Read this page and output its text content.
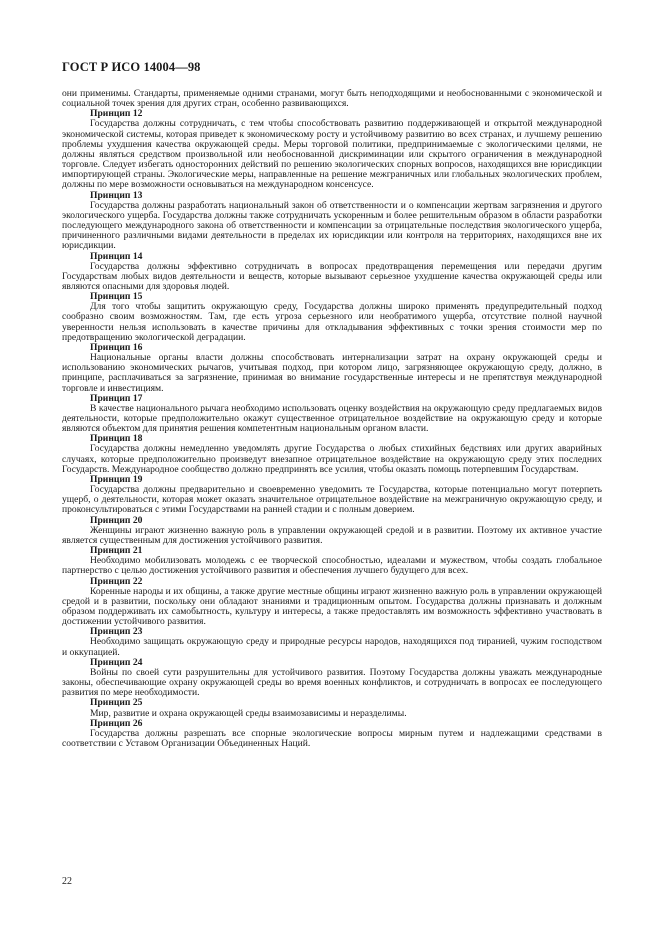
ГОСТ Р ИСО 14004—98

они применимы. Стандарты, применяемые одними странами, могут быть неподходящими и необоснованными с экономической и социальной точек зрения для других стран, особенно развивающихся.

Принцип 12

Государства должны сотрудничать, с тем чтобы способствовать развитию поддерживающей и открытой международной экономической системы, которая приведет к экономическому росту и устойчивому развитию во всех странах, и лучшему решению проблемы ухудшения качества окружающей среды. Меры торговой политики, предпринимаемые с экологическими целями, не должны являться средством произвольной или необоснованной дискриминации или скрытого ограничения в международной торговле. Следует избегать односторонних действий по решению экологических спорных вопросов, находящихся вне юрисдикции импортирующей страны. Экологические меры, направленные на решение межграничных или глобальных экологических проблем, должны по мере возможности основываться на международном консенсусе.

Принцип 13

Государства должны разработать национальный закон об ответственности и о компенсации жертвам загрязнения и другого экологического ущерба. Государства должны также сотрудничать ускоренным и более решительным образом в области разработки последующего международного закона об ответственности и компенсации за отрицательные последствия экологического ущерба, причиненного различными видами деятельности в пределах их юрисдикции или контроля на территориях, находящихся вне их юрисдикции.

Принцип 14

Государства должны эффективно сотрудничать в вопросах предотвращения перемещения или передачи другим Государствам любых видов деятельности и веществ, которые вызывают серьезное ухудшение качества окружающей среды или являются опасными для здоровья людей.

Принцип 15

Для того чтобы защитить окружающую среду, Государства должны широко применять предупредительный подход сообразно своим возможностям. Там, где есть угроза серьезного или необратимого ущерба, отсутствие полной научной уверенности нельзя использовать в качестве причины для откладывания эффективных с точки зрения стоимости мер по предотвращению экологической деградации.

Принцип 16

Национальные органы власти должны способствовать интернализации затрат на охрану окружающей среды и использованию экономических рычагов, учитывая подход, при котором лицо, загрязняющее окружающую среду, должно, в принципе, расплачиваться за загрязнение, принимая во внимание государственные интересы и не препятствуя международной торговле и инвестициям.

Принцип 17

В качестве национального рычага необходимо использовать оценку воздействия на окружающую среду предлагаемых видов деятельности, которые предположительно окажут существенное отрицательное воздействие на окружающую среду и которые являются объектом для принятия решения компетентным национальным органом власти.

Принцип 18

Государства должны немедленно уведомлять другие Государства о любых стихийных бедствиях или других аварийных случаях, которые предположительно произведут внезапное отрицательное воздействие на окружающую среду этих последних Государств. Международное сообщество должно предпринять все усилия, чтобы оказать помощь потерпевшим Государствам.

Принцип 19

Государства должны предварительно и своевременно уведомить те Государства, которые потенциально могут потерпеть ущерб, о деятельности, которая может оказать значительное отрицательное воздействие на межграничную окружающую среду, и проконсультироваться с этими Государствами на ранней стадии и с полным доверием.

Принцип 20

Женщины играют жизненно важную роль в управлении окружающей средой и в развитии. Поэтому их активное участие является существенным для достижения устойчивого развития.

Принцип 21

Необходимо мобилизовать молодежь с ее творческой способностью, идеалами и мужеством, чтобы создать глобальное партнерство с целью достижения устойчивого развития и обеспечения лучшего будущего для всех.

Принцип 22

Коренные народы и их общины, а также другие местные общины играют жизненно важную роль в управлении окружающей средой и в развитии, поскольку они обладают знаниями и традиционным опытом. Государства должны признавать и должным образом поддерживать их самобытность, культуру и интересы, а также предоставлять им возможность эффективно участвовать в достижении устойчивого развития.

Принцип 23

Необходимо защищать окружающую среду и природные ресурсы народов, находящихся под тиранией, чужим господством и оккупацией.

Принцип 24

Войны по своей сути разрушительны для устойчивого развития. Поэтому Государства должны уважать международные законы, обеспечивающие охрану окружающей среды во время военных конфликтов, и сотрудничать в вопросах ее последующего развития по мере необходимости.

Принцип 25

Мир, развитие и охрана окружающей среды взаимозависимы и неразделимы.

Принцип 26

Государства должны разрешать все спорные экологические вопросы мирным путем и надлежащими средствами в соответствии с Уставом Организации Объединенных Наций.

22
